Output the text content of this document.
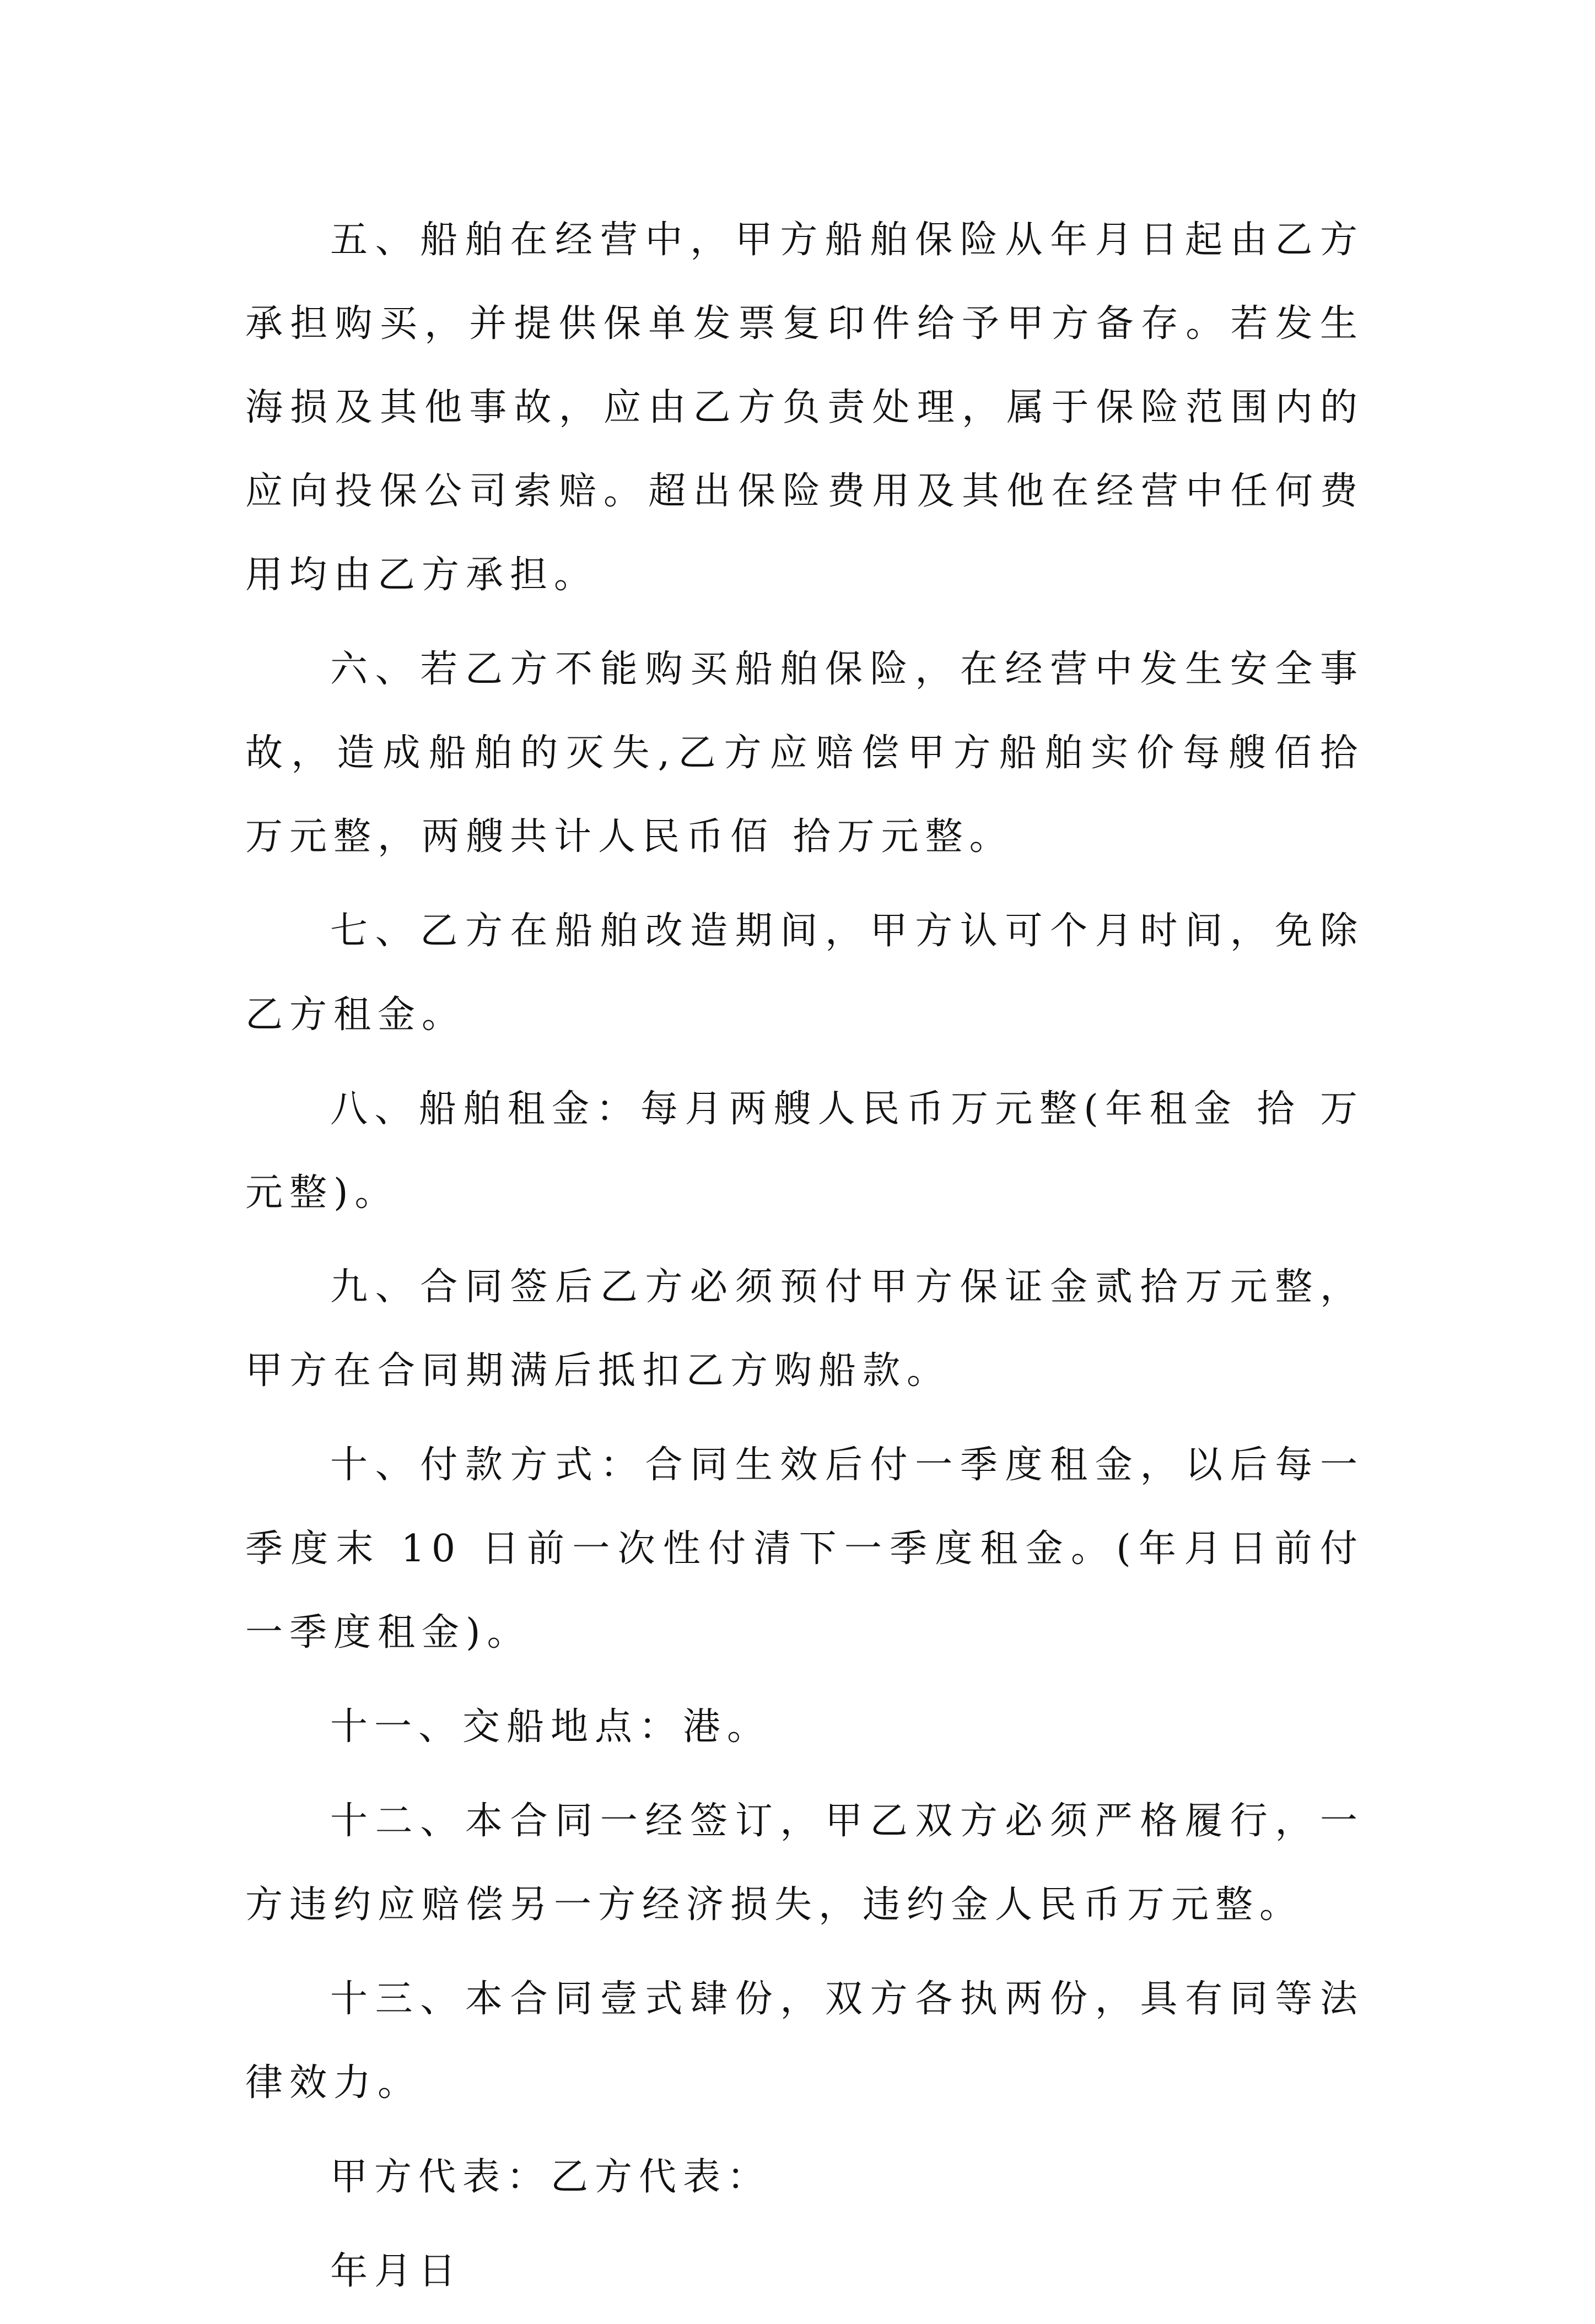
五、船舶在经营中，甲方船舶保险从年月日起由乙方承担购买，并提供保单发票复印件给予甲方备存。若发生海损及其他事故，应由乙方负责处理，属于保险范围内的应向投保公司索赔。超出保险费用及其他在经营中任何费用均由乙方承担。

六、若乙方不能购买船舶保险，在经营中发生安全事故，造成船舶的灭失,乙方应赔偿甲方船舶实价每艘佰拾万元整，两艘共计人民币佰 拾万元整。

七、乙方在船舶改造期间，甲方认可个月时间，免除乙方租金。

八、船舶租金：每月两艘人民币万元整(年租金 拾 万元整)。

九、合同签后乙方必须预付甲方保证金贰拾万元整，甲方在合同期满后抵扣乙方购船款。

十、付款方式：合同生效后付一季度租金，以后每一季度末 10 日前一次性付清下一季度租金。(年月日前付一季度租金)。

十一、交船地点：港。

十二、本合同一经签订，甲乙双方必须严格履行，一方违约应赔偿另一方经济损失，违约金人民币万元整。

十三、本合同壹式肆份，双方各执两份，具有同等法律效力。

甲方代表：乙方代表：

年月日
